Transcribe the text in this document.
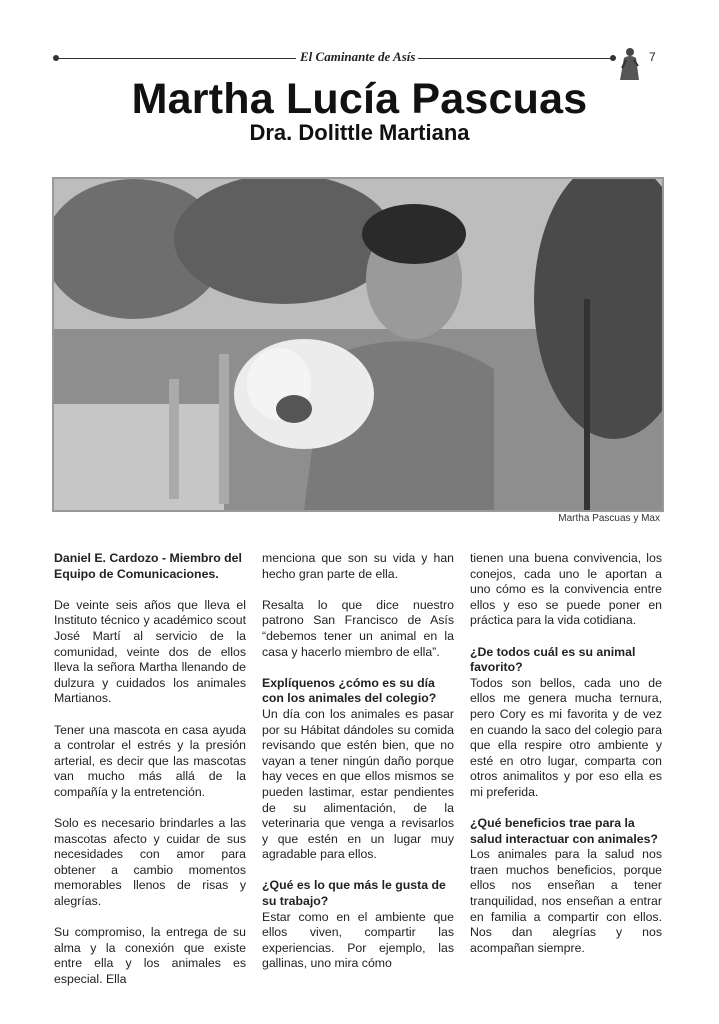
El Caminante de Asís	7
Martha Lucía Pascuas
Dra. Dolittle Martiana
Martha Pascuas y Max

Daniel E. Cardozo - Miembro del Equipo de Comunicaciones.

De veinte seis años que lleva el Instituto técnico y académico scout José Martí al servicio de la comunidad, veinte dos de ellos lleva la señora Martha llenando de dulzura y cuidados los animales Martianos.

Tener una mascota en casa ayuda a controlar el estrés y la presión arterial, es decir que las mascotas van mucho más allá de la compañía y la entretención.

Solo es necesario brindarles a las mascotas afecto y cuidar de sus necesidades con amor para obtener a cambio momentos memorables llenos de risas y alegrías.

Su compromiso, la entrega de su alma y la conexión que existe entre ella y los animales es especial. Ella

menciona que son su vida y han hecho gran parte de ella.

Resalta lo que dice nuestro patrono San Francisco de Asís “debemos tener un animal en la casa y hacerlo miembro de ella”.

Explíquenos ¿cómo es su día con los animales del colegio?

Un día con los animales es pasar por su Hábitat dándoles su comida revisando que estén bien, que no vayan a tener ningún daño porque hay veces en que ellos mismos se pueden lastimar, estar pendientes de su alimentación, de la veterinaria que venga a revisarlos y que estén en un lugar muy agradable para ellos.

¿Qué es lo que más le gusta de su trabajo?

Estar como en el ambiente que ellos viven, compartir las experiencias. Por ejemplo, las gallinas, uno mira cómo

tienen una buena convivencia, los conejos, cada uno le aportan a uno cómo es la convivencia entre ellos y eso se puede poner en práctica para la vida cotidiana.

¿De todos cuál es su animal favorito?

Todos son bellos, cada uno de ellos me genera mucha ternura, pero Cory es mi favorita y de vez en cuando la saco del colegio para que ella respire otro ambiente y esté en otro lugar, comparta con otros animalitos y por eso ella es mi preferida.

¿Qué beneficios trae para la salud interactuar con animales?

Los animales para la salud nos traen muchos beneficios, porque ellos nos enseñan a tener tranquilidad, nos enseñan a entrar en familia a compartir con ellos. Nos dan alegrías y nos acompañan siempre.
